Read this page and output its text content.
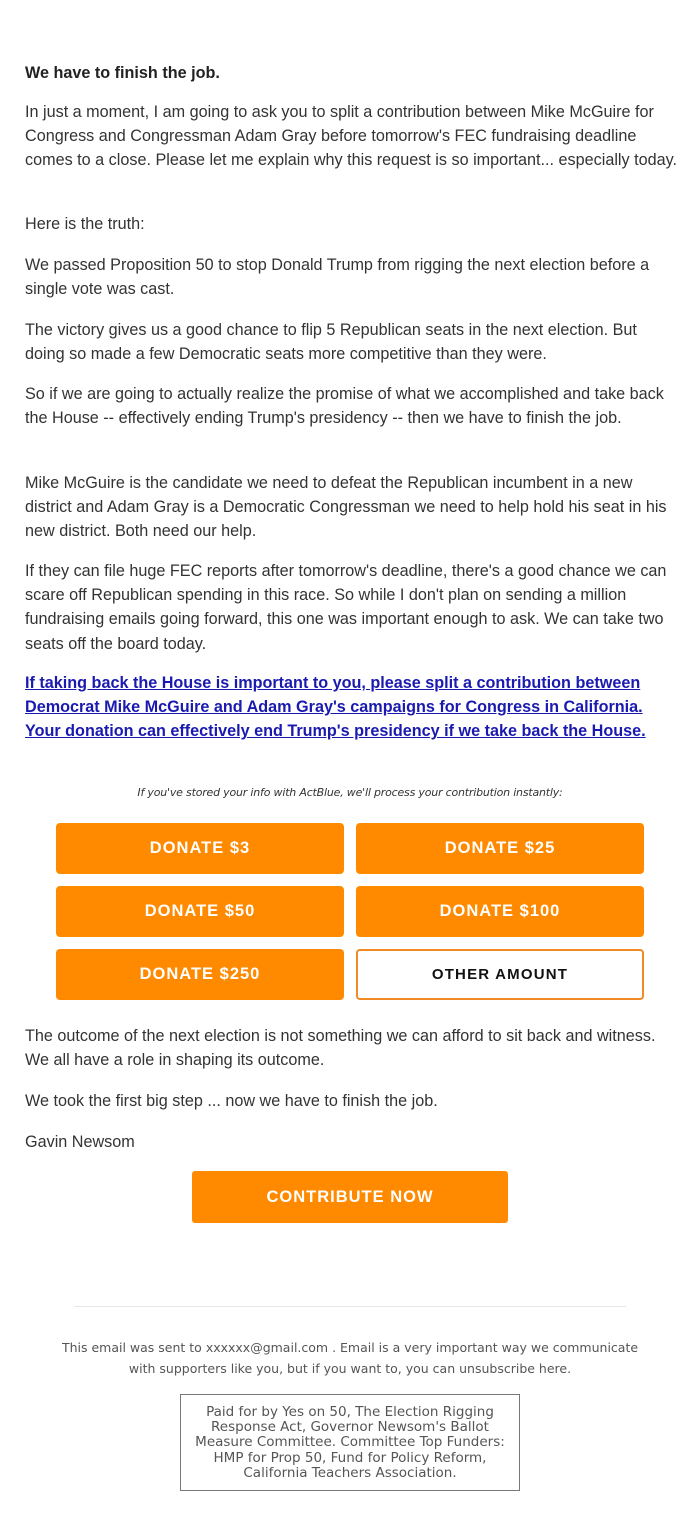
We have to finish the job.

In just a moment, I am going to ask you to split a contribution between Mike McGuire for Congress and Congressman Adam Gray before tomorrow's FEC fundraising deadline comes to a close. Please let me explain why this request is so important... especially today.

Here is the truth:

We passed Proposition 50 to stop Donald Trump from rigging the next election before a single vote was cast.

The victory gives us a good chance to flip 5 Republican seats in the next election. But doing so made a few Democratic seats more competitive than they were.

So if we are going to actually realize the promise of what we accomplished and take back the House -- effectively ending Trump's presidency -- then we have to finish the job.

Mike McGuire is the candidate we need to defeat the Republican incumbent in a new district and Adam Gray is a Democratic Congressman we need to help hold his seat in his new district. Both need our help.

If they can file huge FEC reports after tomorrow's deadline, there's a good chance we can scare off Republican spending in this race. So while I don't plan on sending a million fundraising emails going forward, this one was important enough to ask. We can take two seats off the board today.

If taking back the House is important to you, please split a contribution between Democrat Mike McGuire and Adam Gray's campaigns for Congress in California. Your donation can effectively end Trump's presidency if we take back the House.
If you've stored your info with ActBlue, we'll process your contribution instantly:
DONATE $3	DONATE $25
DONATE $50	DONATE $100
DONATE $250	OTHER AMOUNT

The outcome of the next election is not something we can afford to sit back and witness. We all have a role in shaping its outcome.

We took the first big step ... now we have to finish the job.

Gavin Newsom

CONTRIBUTE NOW
This email was sent to xxxxxx@gmail.com . Email is a very important way we communicate with supporters like you, but if you want to, you can unsubscribe here.
Paid for by Yes on 50, The Election Rigging Response Act, Governor Newsom's Ballot Measure Committee. Committee Top Funders: HMP for Prop 50, Fund for Policy Reform, California Teachers Association.
